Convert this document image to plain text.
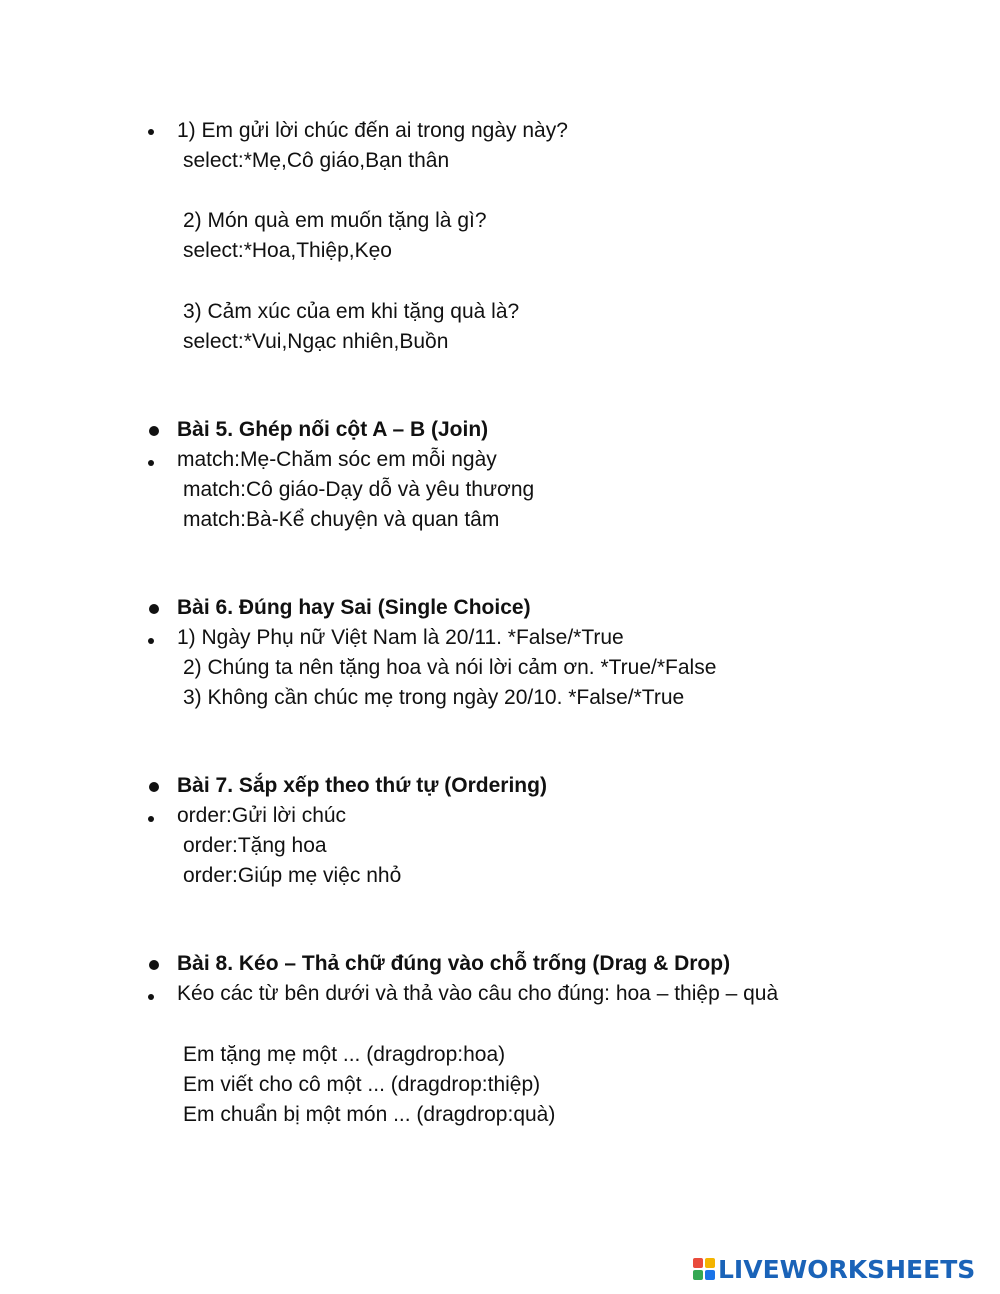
1) Em gửi lời chúc đến ai trong ngày này?
select:*Mẹ,Cô giáo,Bạn thân
2) Món quà em muốn tặng là gì?
select:*Hoa,Thiệp,Kẹo
3) Cảm xúc của em khi tặng quà là?
select:*Vui,Ngạc nhiên,Buồn
Bài 5. Ghép nối cột A – B (Join)
match:Mẹ-Chăm sóc em mỗi ngày
match:Cô giáo-Dạy dỗ và yêu thương
match:Bà-Kể chuyện và quan tâm
Bài 6. Đúng hay Sai (Single Choice)
1) Ngày Phụ nữ Việt Nam là 20/11. *False/*True
2) Chúng ta nên tặng hoa và nói lời cảm ơn. *True/*False
3) Không cần chúc mẹ trong ngày 20/10. *False/*True
Bài 7. Sắp xếp theo thứ tự (Ordering)
order:Gửi lời chúc
order:Tặng hoa
order:Giúp mẹ việc nhỏ
Bài 8. Kéo – Thả chữ đúng vào chỗ trống (Drag & Drop)
Kéo các từ bên dưới và thả vào câu cho đúng: hoa – thiệp – quà
Em tặng mẹ một ... (dragdrop:hoa)
Em viết cho cô một ... (dragdrop:thiệp)
Em chuẩn bị một món ... (dragdrop:quà)
LIVEWORKSHEETS
